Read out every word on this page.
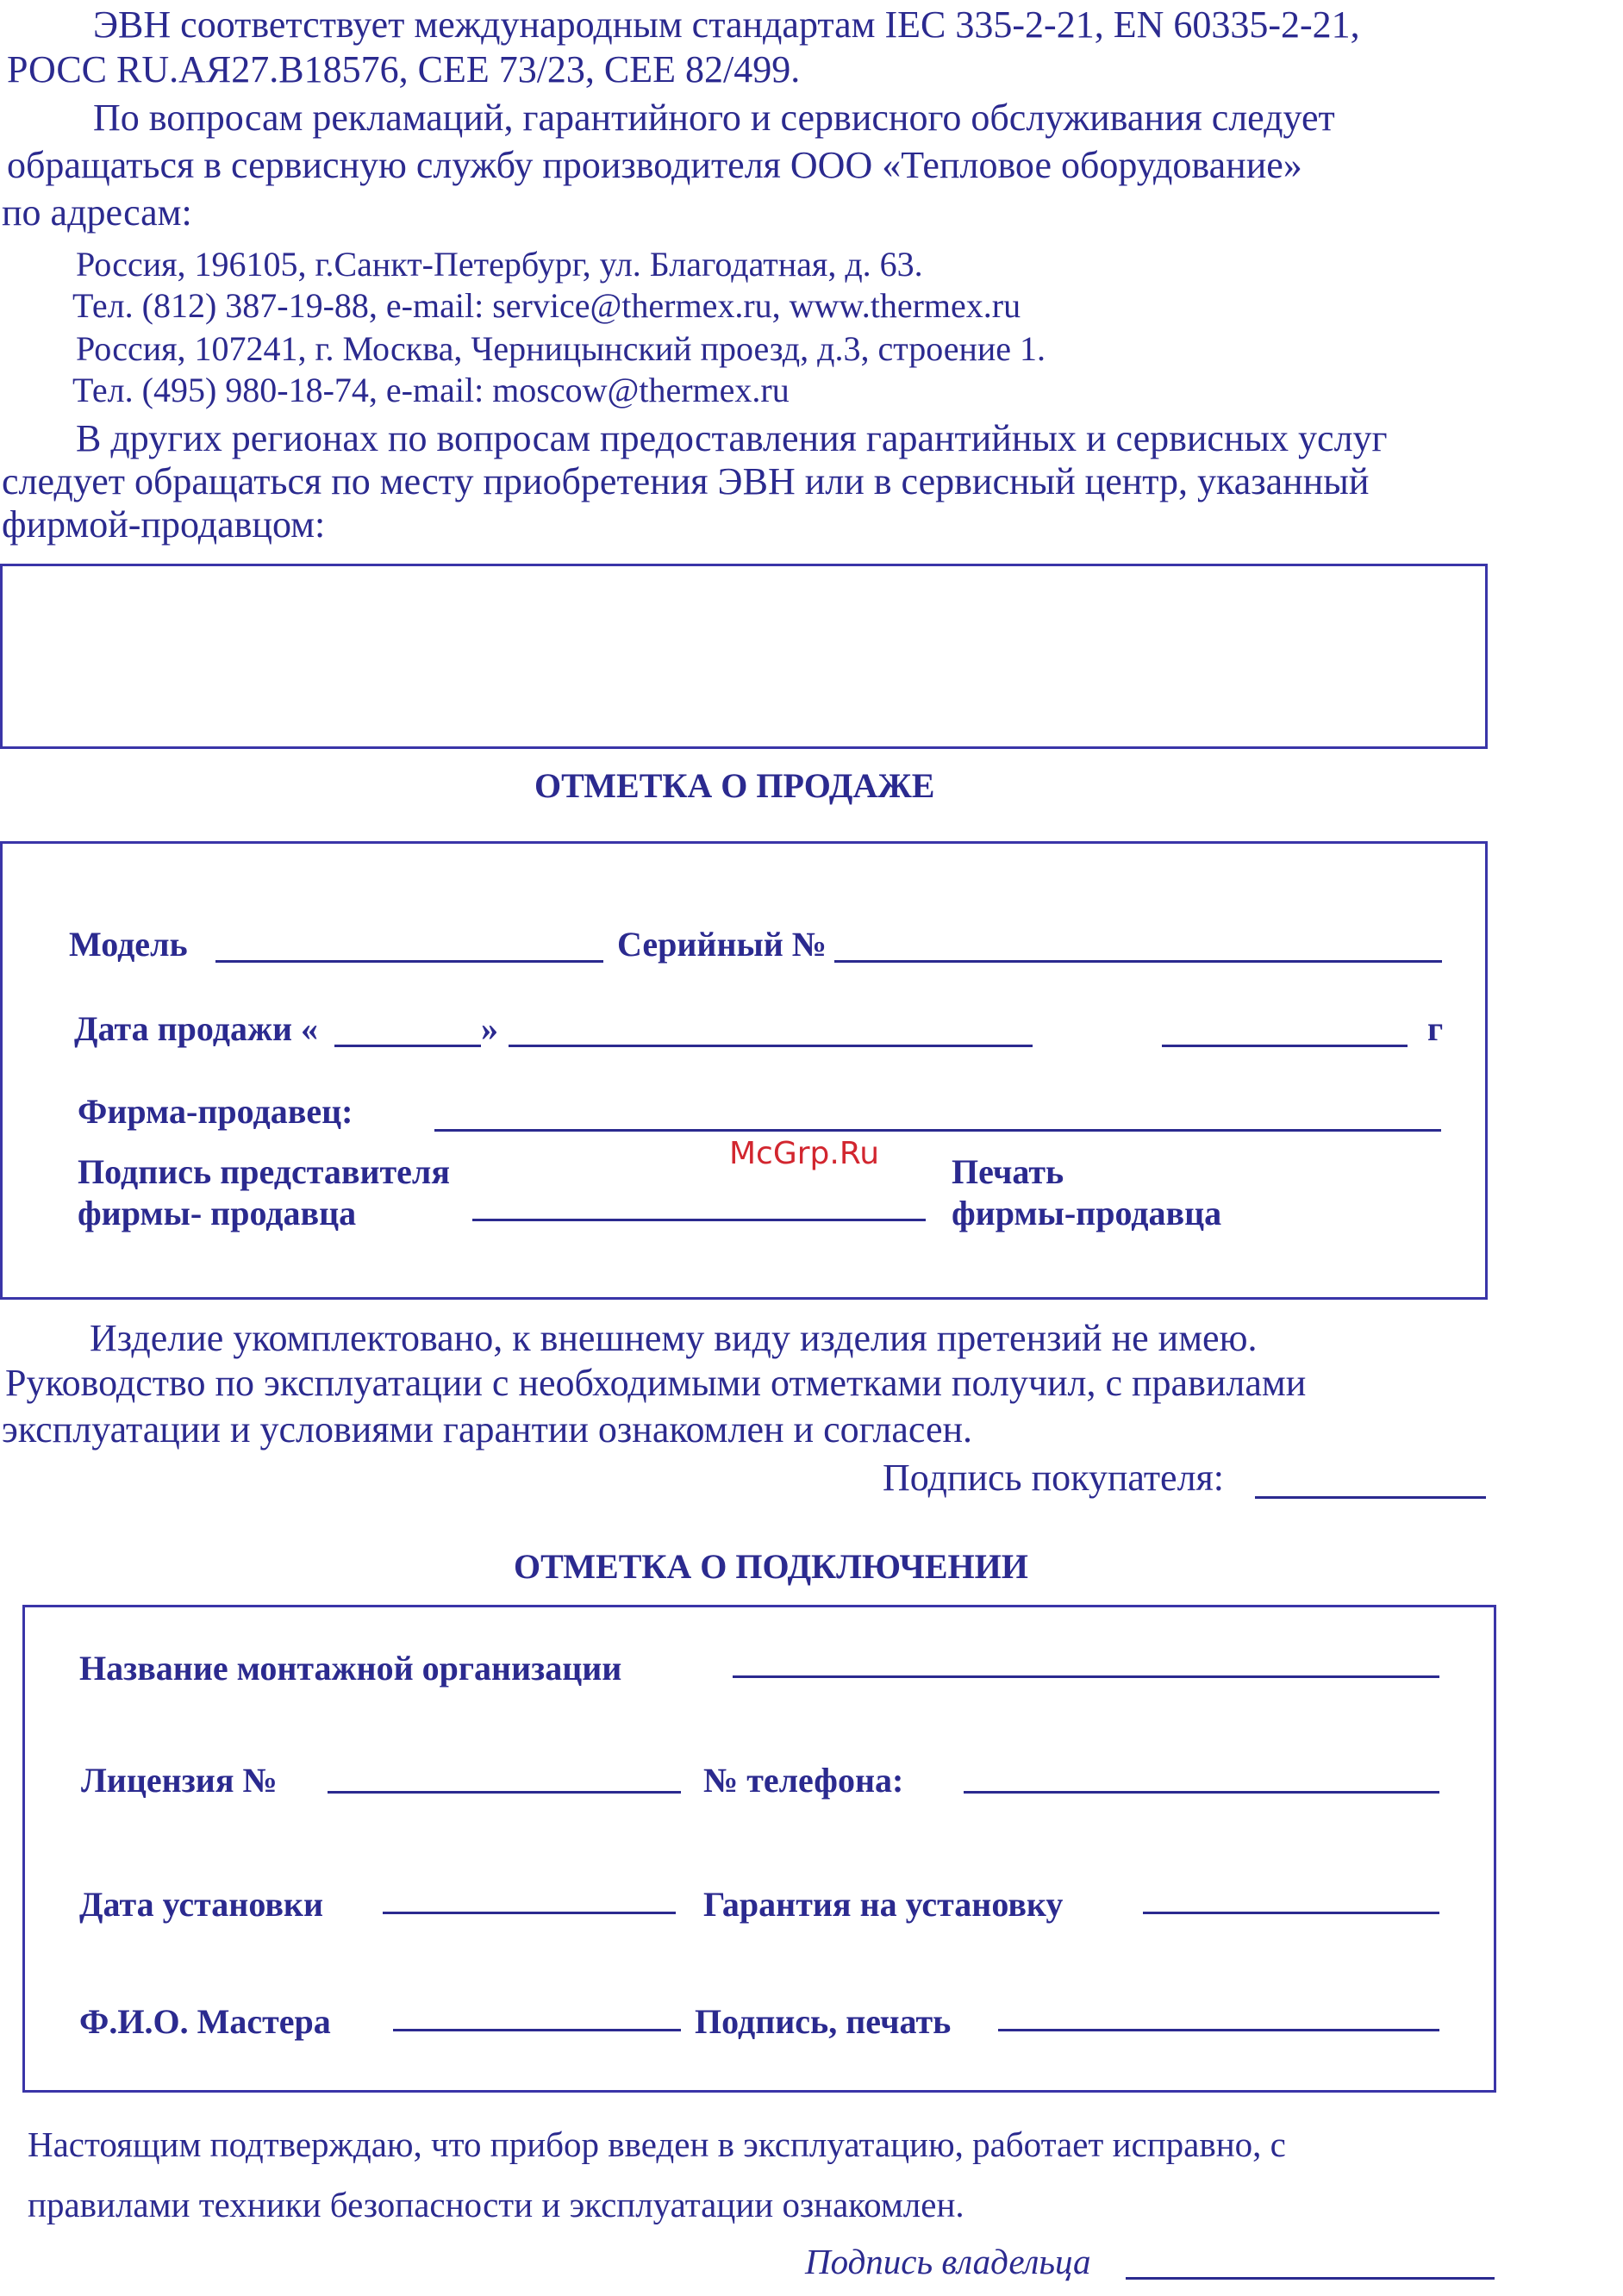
ЭВН соответствует международным стандартам IEC 335-2-21, EN 60335-2-21,
РОСС RU.АЯ27.В18576, CEE 73/23, CEE 82/499.
По вопросам рекламаций, гарантийного и сервисного обслуживания следует
обращаться в сервисную службу производителя ООО «Тепловое оборудование»
по адресам:
Россия, 196105, г.Санкт-Петербург, ул. Благодатная, д. 63.
Тел. (812) 387-19-88, e-mail: service@thermex.ru, www.thermex.ru
Россия, 107241, г. Москва, Черницынский проезд, д.3, строение 1.
Тел. (495) 980-18-74, e-mail: moscow@thermex.ru
В других регионах по вопросам предоставления гарантийных и сервисных услуг
следует обращаться по месту приобретения ЭВН или в сервисный центр, указанный
фирмой-продавцом:
ОТМЕТКА О ПРОДАЖЕ
Модель	Серийный №
Дата продажи «	»	г
Фирма-продавец:
Подпись представителя
фирмы- продавца
McGrp.Ru Печать
фирмы-продавца
Изделие укомплектовано, к внешнему виду изделия претензий не имею.
Руководство по эксплуатации с необходимыми отметками получил, с правилами
эксплуатации и условиями гарантии ознакомлен и согласен.
Подпись покупателя:
ОТМЕТКА О ПОДКЛЮЧЕНИИ
Название монтажной организации
Лицензия №	№ телефона:
Дата установки	Гарантия на установку
Ф.И.О. Мастера	Подпись, печать
Настоящим подтверждаю, что прибор введен в эксплуатацию, работает исправно, с
правилами техники безопасности и эксплуатации ознакомлен.
Подпись владельца
